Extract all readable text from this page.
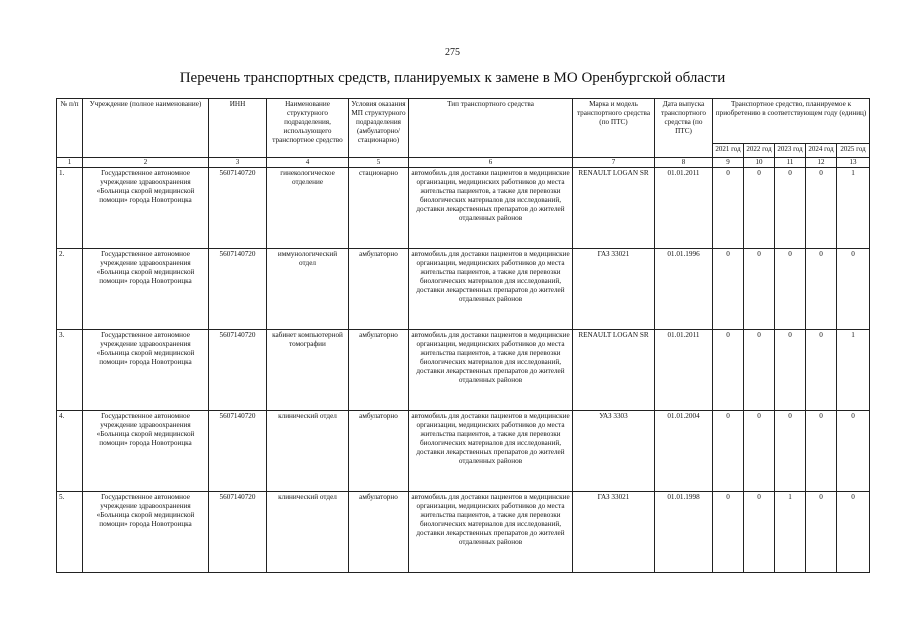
275
Перечень транспортных средств, планируемых к замене в МО Оренбургской области
№ п/п	Учреждение (полное наименование)	ИНН	Наименование структурного подразделения, использующего транспортное средство	Условия оказания МП структурного подразделения (амбулаторно/ стационарно)	Тип транспортного средства	Марка и модель транспортного средства (по ПТС)	Дата выпуска транспортного средства (по ПТС)	Транспортное средство, планируемое к приобретению в соответствующем году (единиц)				
								2021 год	2022 год	2023 год	2024 год	2025 год
1	2	3	4	5	6	7	8	9	10	11	12	13
1.	Государственное автономное учреждение здравоохранения «Больница скорой медицинской помощи» города Новотроицка	5607140720	гинекологическое отделение	стационарно	автомобиль для доставки пациентов в медицинские организации, медицинских работников до места жительства пациентов, а также для перевозки биологических материалов для исследований, доставки лекарственных препаратов до жителей отдаленных районов	RENAULT LOGAN SR	01.01.2011	0	0	0	0	1
2.	Государственное автономное учреждение здравоохранения «Больница скорой медицинской помощи» города Новотроицка	5607140720	иммунологический отдел	амбулаторно	автомобиль для доставки пациентов в медицинские организации, медицинских работников до места жительства пациентов, а также для перевозки биологических материалов для исследований, доставки лекарственных препаратов до жителей отдаленных районов	ГАЗ 33021	01.01.1996	0	0	0	0	0
3.	Государственное автономное учреждение здравоохранения «Больница скорой медицинской помощи» города Новотроицка	5607140720	кабинет компьютерной томографии	амбулаторно	автомобиль для доставки пациентов в медицинские организации, медицинских работников до места жительства пациентов, а также для перевозки биологических материалов для исследований, доставки лекарственных препаратов до жителей отдаленных районов	RENAULT LOGAN SR	01.01.2011	0	0	0	0	1
4.	Государственное автономное учреждение здравоохранения «Больница скорой медицинской помощи» города Новотроицка	5607140720	клинический отдел	амбулаторно	автомобиль для доставки пациентов в медицинские организации, медицинских работников до места жительства пациентов, а также для перевозки биологических материалов для исследований, доставки лекарственных препаратов до жителей отдаленных районов	УАЗ 3303	01.01.2004	0	0	0	0	0
5.	Государственное автономное учреждение здравоохранения «Больница скорой медицинской помощи» города Новотроицка	5607140720	клинический отдел	амбулаторно	автомобиль для доставки пациентов в медицинские организации, медицинских работников до места жительства пациентов, а также для перевозки биологических материалов для исследований, доставки лекарственных препаратов до жителей отдаленных районов	ГАЗ 33021	01.01.1998	0	0	1	0	0
